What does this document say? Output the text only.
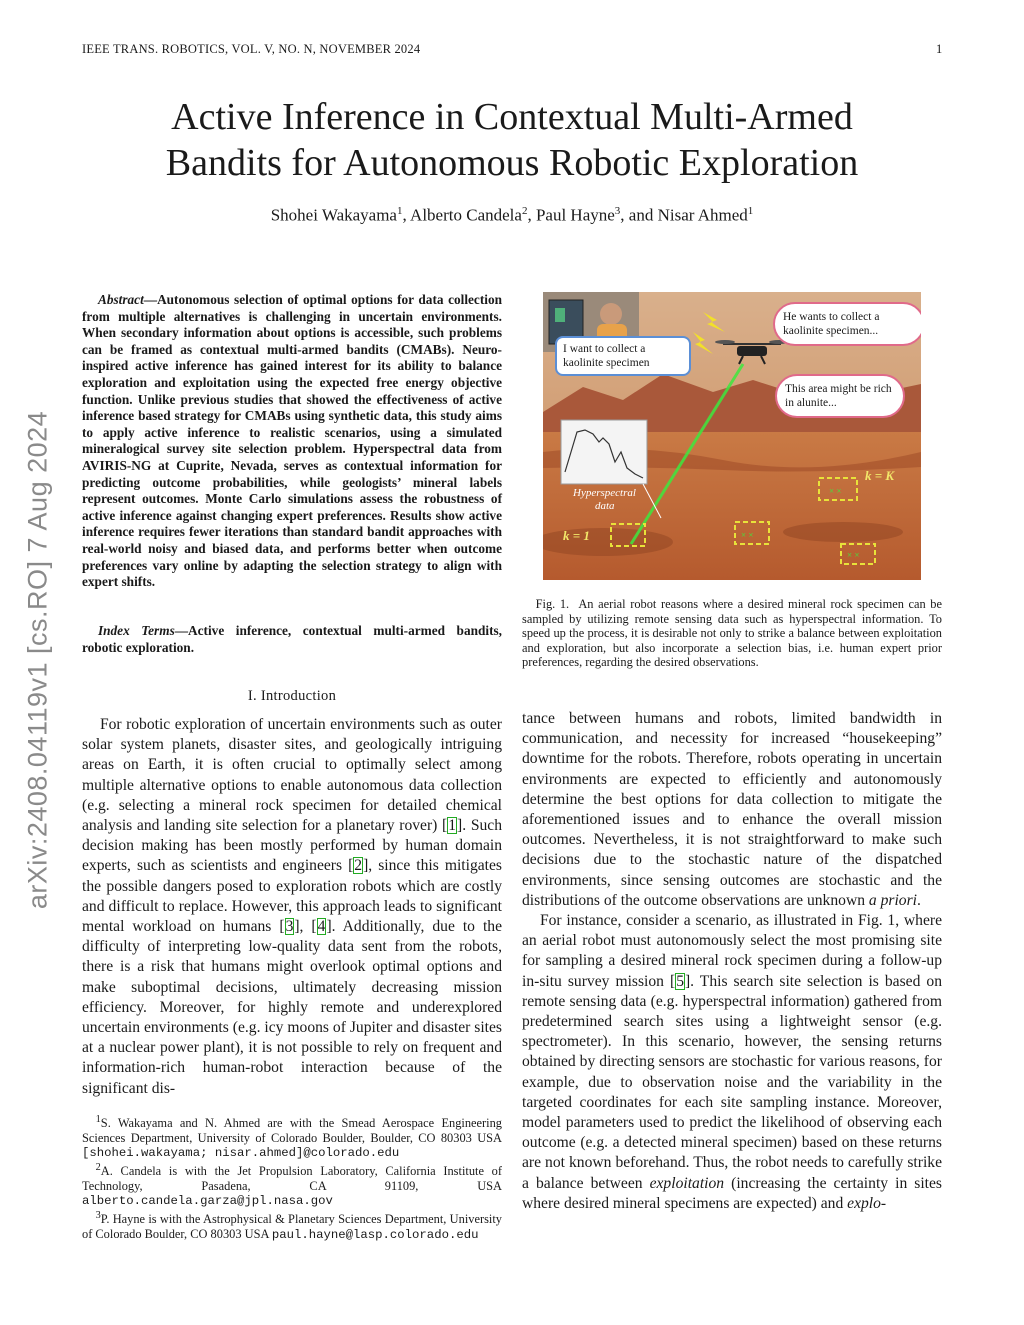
IEEE TRANS. ROBOTICS, VOL. V, NO. N, NOVEMBER 2024	1
Active Inference in Contextual Multi-Armed
Bandits for Autonomous Robotic Exploration
Shohei Wakayama$^1$, Alberto Candela$^2$, Paul Hayne$^3$, and Nisar Ahmed$^1$
arXiv:2408.04119v1 [cs.RO] 7 Aug 2024
Abstract—Autonomous selection of optimal options for data collection from multiple alternatives is challenging in uncertain environments. When secondary information about options is accessible, such problems can be framed as contextual multi-armed bandits (CMABs). Neuro-inspired active inference has gained interest for its ability to balance exploration and exploitation using the expected free energy objective function. Unlike previous studies that showed the effectiveness of active inference based strategy for CMABs using synthetic data, this study aims to apply active inference to realistic scenarios, using a simulated mineralogical survey site selection problem. Hyperspectral data from AVIRIS-NG at Cuprite, Nevada, serves as contextual information for predicting outcome probabilities, while geologists’ mineral labels represent outcomes. Monte Carlo simulations assess the robustness of active inference against changing expert preferences. Results show active inference requires fewer iterations than standard bandit approaches with real-world noisy and biased data, and performs better when outcome preferences vary online by adapting the selection strategy to align with expert shifts.
Index Terms—Active inference, contextual multi-armed bandits, robotic exploration.
I. Introduction

For robotic exploration of uncertain environments such as outer solar system planets, disaster sites, and geologically intriguing areas on Earth, it is often crucial to optimally select among multiple alternative options to enable autonomous data collection (e.g. selecting a mineral rock specimen for detailed chemical analysis and landing site selection for a planetary rover) [1]. Such decision making has been mostly performed by human domain experts, such as scientists and engineers [2], since this mitigates the possible dangers posed to exploration robots which are costly and difficult to replace. However, this approach leads to significant mental workload on humans [3], [4]. Additionally, due to the difficulty of interpreting low-quality data sent from the robots, there is a risk that humans might overlook optimal options and make suboptimal decisions, ultimately decreasing mission efficiency. Moreover, for highly remote and underexplored uncertain environments (e.g. icy moons of Jupiter and disaster sites at a nuclear power plant), it is not possible to rely on frequent and information-rich human-robot interaction because of the significant dis-

$^1$S. Wakayama and N. Ahmed are with the Smead Aerospace Engineering Sciences Department, University of Colorado Boulder, Boulder, CO 80303 USA [shohei.wakayama; nisar.ahmed]@colorado.edu
$^2$A. Candela is with the Jet Propulsion Laboratory, California Institute of Technology, Pasadena, CA 91109, USA alberto.candela.garza@jpl.nasa.gov
$^3$P. Hayne is with the Astrophysical & Planetary Sciences Department, University of Colorado Boulder, CO 80303 USA paul.hayne@lasp.colorado.edu
Hyperspectral data
× ×
× ×
× ×
k = 1
k = K
I want to collect a kaolinite specimen
He wants to collect a kaolinite specimen...
This area might be rich in alunite...
Fig. 1. An aerial robot reasons where a desired mineral rock specimen can be sampled by utilizing remote sensing data such as hyperspectral information. To speed up the process, it is desirable not only to strike a balance between exploitation and exploration, but also incorporate a selection bias, i.e. human expert prior preferences, regarding the desired observations.

tance between humans and robots, limited bandwidth in communication, and necessity for increased “housekeeping” downtime for the robots. Therefore, robots operating in uncertain environments are expected to efficiently and autonomously determine the best options for data collection to mitigate the aforementioned issues and to enhance the overall mission outcomes. Nevertheless, it is not straightforward to make such decisions due to the stochastic nature of the dispatched environments, since sensing outcomes are stochastic and the distributions of the outcome observations are unknown a priori.

For instance, consider a scenario, as illustrated in Fig. 1, where an aerial robot must autonomously select the most promising site for sampling a desired mineral rock specimen during a follow-up in-situ survey mission [5]. This search site selection is based on remote sensing data (e.g. hyperspectral information) gathered from predetermined search sites using a lightweight sensor (e.g. spectrometer). In this scenario, however, the sensing returns obtained by directing sensors are stochastic for various reasons, for example, due to observation noise and the variability in the targeted coordinates for each site sampling instance. Moreover, model parameters used to predict the likelihood of observing each outcome (e.g. a detected mineral specimen) based on these returns are not known beforehand. Thus, the robot needs to carefully strike a balance between exploitation (increasing the certainty in sites where desired mineral specimens are expected) and explo-
